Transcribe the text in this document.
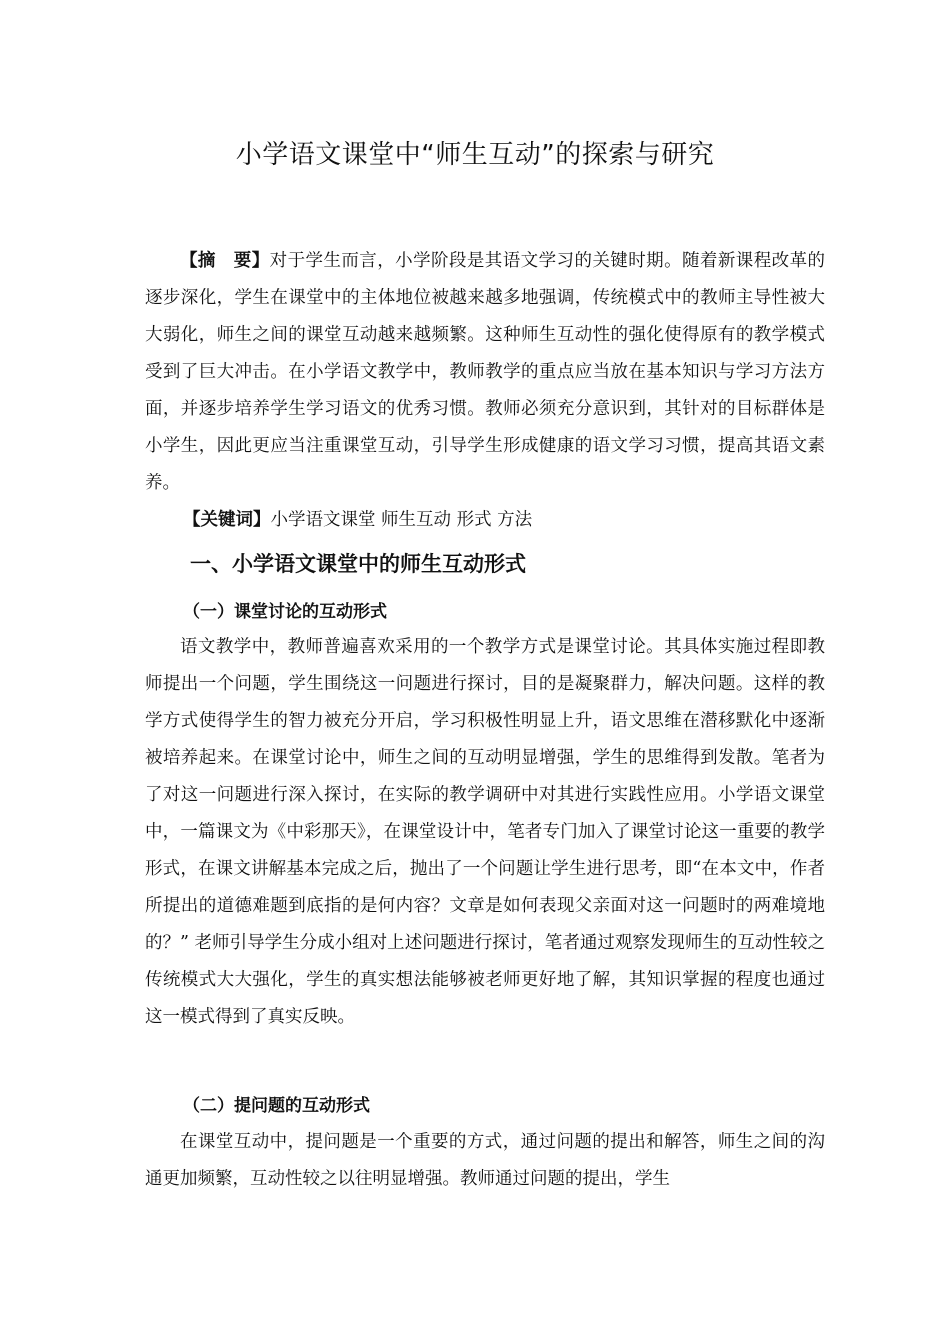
小学语文课堂中“师生互动”的探索与研究

【摘　要】对于学生而言，小学阶段是其语文学习的关键时期。随着新课程改革的逐步深化，学生在课堂中的主体地位被越来越多地强调，传统模式中的教师主导性被大大弱化，师生之间的课堂互动越来越频繁。这种师生互动性的强化使得原有的教学模式受到了巨大冲击。在小学语文教学中，教师教学的重点应当放在基本知识与学习方法方面，并逐步培养学生学习语文的优秀习惯。教师必须充分意识到，其针对的目标群体是小学生，因此更应当注重课堂互动，引导学生形成健康的语文学习习惯，提高其语文素养。

【关键词】小学语文课堂 师生互动 形式 方法

一、小学语文课堂中的师生互动形式
（一）课堂讨论的互动形式

语文教学中，教师普遍喜欢采用的一个教学方式是课堂讨论。其具体实施过程即教师提出一个问题，学生围绕这一问题进行探讨，目的是凝聚群力，解决问题。这样的教学方式使得学生的智力被充分开启，学习积极性明显上升，语文思维在潜移默化中逐渐被培养起来。在课堂讨论中，师生之间的互动明显增强，学生的思维得到发散。笔者为了对这一问题进行深入探讨，在实际的教学调研中对其进行实践性应用。小学语文课堂中，一篇课文为《中彩那天》，在课堂设计中，笔者专门加入了课堂讨论这一重要的教学形式，在课文讲解基本完成之后，抛出了一个问题让学生进行思考，即“在本文中，作者所提出的道德难题到底指的是何内容？文章是如何表现父亲面对这一问题时的两难境地的？” 老师引导学生分成小组对上述问题进行探讨，笔者通过观察发现师生的互动性较之传统模式大大强化，学生的真实想法能够被老师更好地了解，其知识掌握的程度也通过这一模式得到了真实反映。

（二）提问题的互动形式

在课堂互动中，提问题是一个重要的方式，通过问题的提出和解答，师生之间的沟通更加频繁，互动性较之以往明显增强。教师通过问题的提出，学生
